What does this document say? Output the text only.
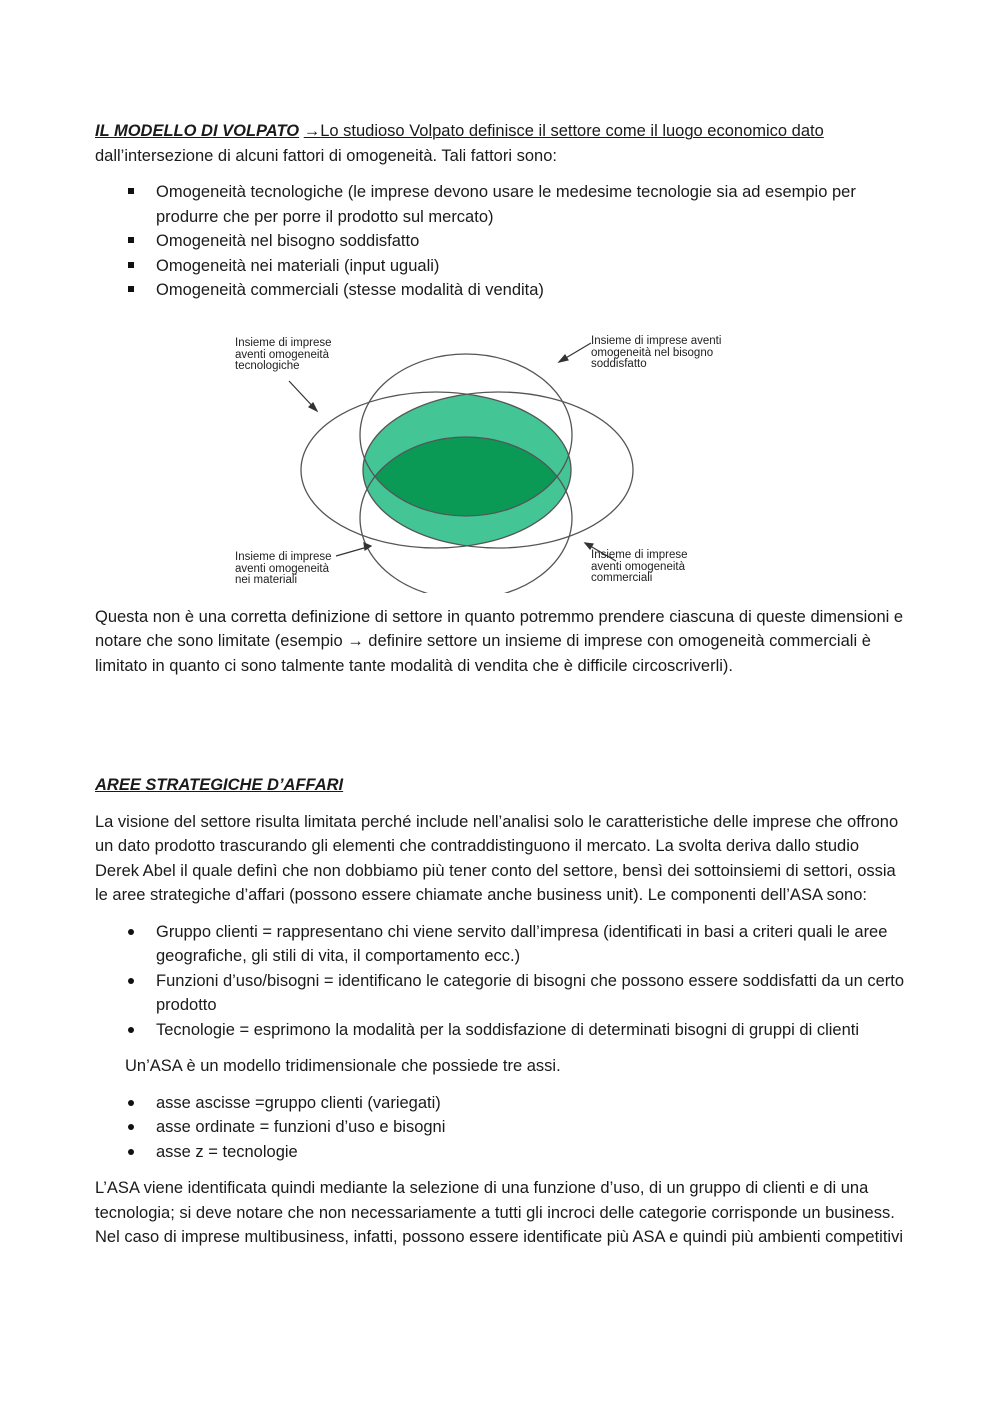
IL MODELLO DI VOLPATO →Lo studioso Volpato definisce il settore come il luogo economico dato
dall’intersezione di alcuni fattori di omogeneità. Tali fattori sono:

Omogeneità tecnologiche (le imprese devono usare le medesime tecnologie sia ad esempio per produrre che per porre il prodotto sul mercato)
Omogeneità nel bisogno soddisfatto
Omogeneità nei materiali (input uguali)
Omogeneità commerciali (stesse modalità di vendita)

Questa non è una corretta definizione di settore in quanto potremmo prendere ciascuna di queste dimensioni e notare che sono limitate (esempio → definire settore un insieme di imprese con omogeneità commerciali è limitato in quanto ci sono talmente tante modalità di vendita che è difficile circoscriverli).

AREE STRATEGICHE D’AFFARI

La visione del settore risulta limitata perché include nell’analisi solo le caratteristiche delle imprese che offrono un dato prodotto trascurando gli elementi che contraddistinguono il mercato. La svolta deriva dallo studio Derek Abel il quale definì che non dobbiamo più tener conto del settore, bensì dei sottoinsiemi di settori, ossia le aree strategiche d’affari (possono essere chiamate anche business unit). Le componenti dell’ASA sono:

Gruppo clienti = rappresentano chi viene servito dall’impresa (identificati in basi a criteri quali le aree geografiche, gli stili di vita, il comportamento ecc.)
Funzioni d’uso/bisogni = identificano le categorie di bisogni che possono essere soddisfatti da un certo prodotto
Tecnologie = esprimono la modalità per la soddisfazione di determinati bisogni di gruppi di clienti

Un’ASA è un modello tridimensionale che possiede tre assi.

asse ascisse =gruppo clienti (variegati)
asse ordinate = funzioni d’uso e bisogni
asse z = tecnologie

L’ASA viene identificata quindi mediante la selezione di una funzione d’uso, di un gruppo di clienti e di una tecnologia; si deve notare che non necessariamente a tutti gli incroci delle categorie corrisponde un business. Nel caso di imprese multibusiness, infatti, possono essere identificate più ASA e quindi più ambienti competitivi

Insieme di imprese
aventi omogeneità
tecnologiche
Insieme di imprese aventi
omogeneità nel bisogno
soddisfatto
Insieme di imprese
aventi omogeneità
nei materiali
Insieme di imprese
aventi omogeneità
commerciali
